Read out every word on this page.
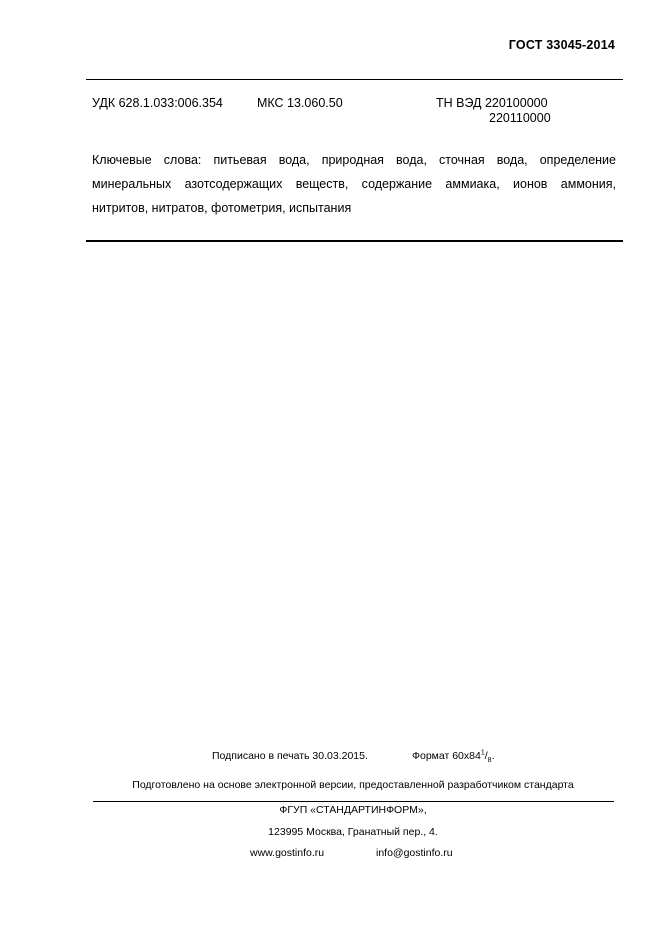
ГОСТ 33045-2014
УДК 628.1.033:006.354	МКС 13.060.50	ТН ВЭД 220100000
220110000

Ключевые слова: питьевая вода, природная вода, сточная вода, определение минеральных азотсодержащих веществ, содержание аммиака, ионов аммония, нитритов, нитратов, фотометрия, испытания

Подписано в печать 30.03.2015.	Формат $60x84^1/_8$.
Подготовлено на основе электронной версии, предоставленной разработчиком стандарта
ФГУП «СТАНДАРТИНФОРМ»,
123995 Москва, Гранатный пер., 4.
www.gostinfo.ru	info@gostinfo.ru
